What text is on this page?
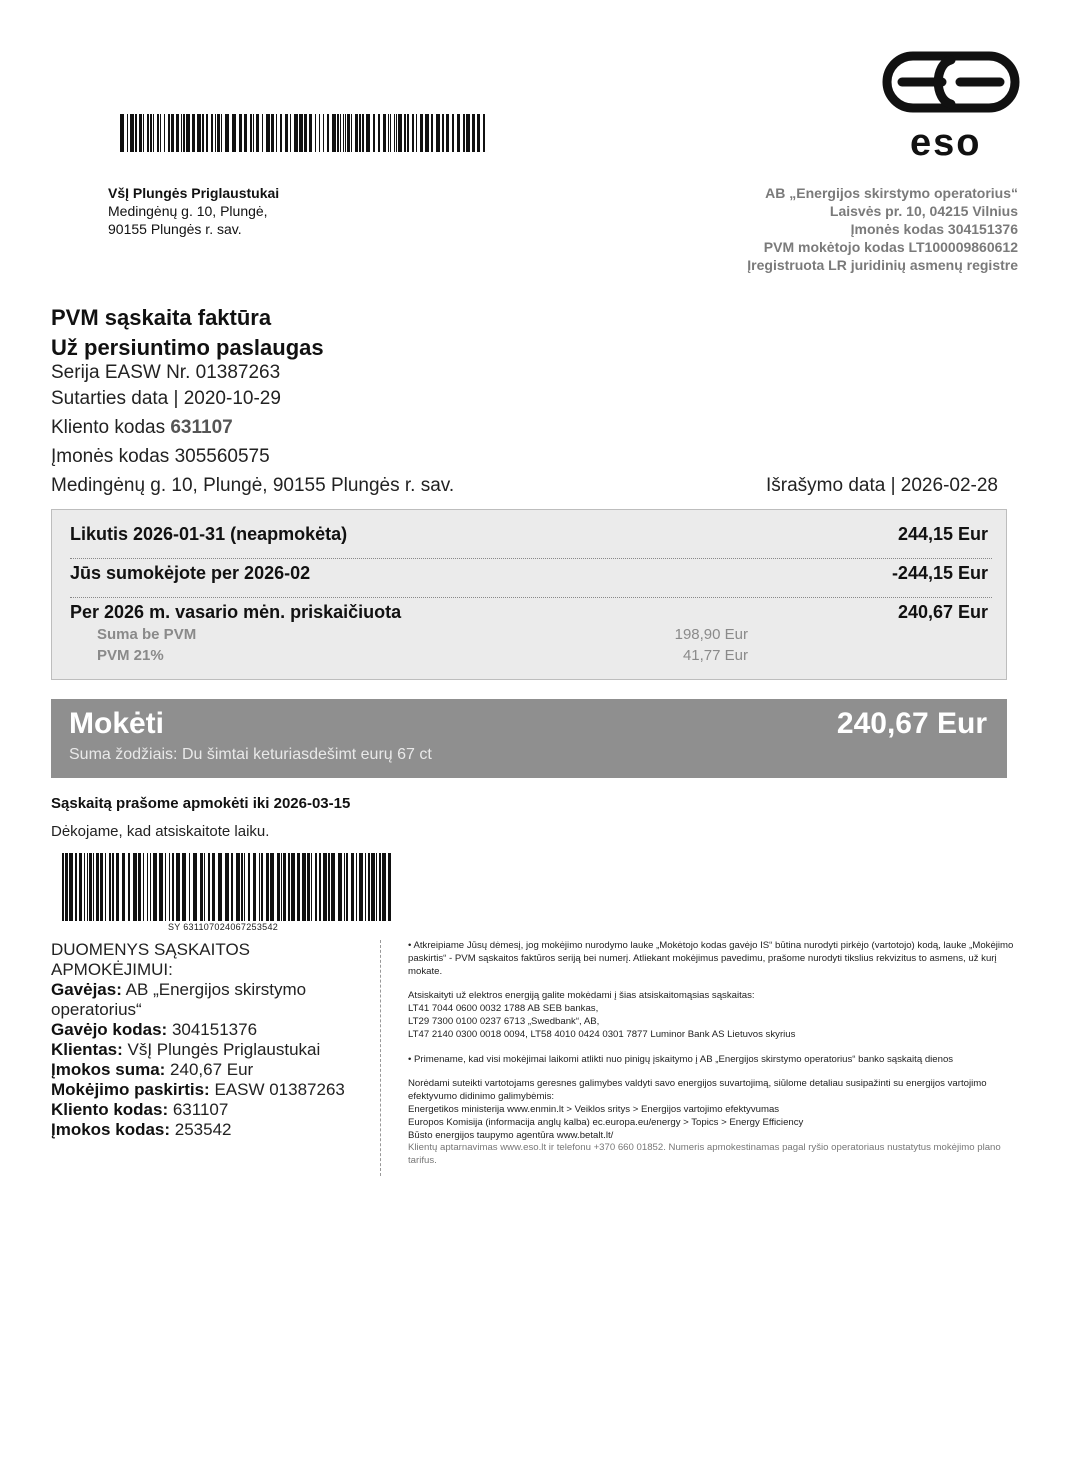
eso
VšĮ Plungės Priglaustukai
Medingėnų g. 10, Plungė,
90155 Plungės r. sav.
AB „Energijos skirstymo operatorius“
Laisvės pr. 10, 04215 Vilnius
Įmonės kodas 304151376
PVM mokėtojo kodas LT100009860612
Įregistruota LR juridinių asmenų registre
PVM sąskaita faktūra
Už persiuntimo paslaugas
Serija EASW Nr. 01387263
Sutarties data | 2020-10-29
Kliento kodas 631107
Įmonės kodas 305560575
Medingėnų g. 10, Plungė, 90155 Plungės r. sav.	Išrašymo data | 2026-02-28
Likutis 2026-01-31 (neapmokėta)	244,15 Eur
Jūs sumokėjote per 2026-02	-244,15 Eur
Per 2026 m. vasario mėn. priskaičiuota	240,67 Eur
Suma be PVM	198,90 Eur
PVM 21%	41,77 Eur
Mokėti	240,67 Eur
Suma žodžiais: Du šimtai keturiasdešimt eurų 67 ct
Sąskaitą prašome apmokėti iki 2026-03-15
Dėkojame, kad atsiskaitote laiku.
SY 631107024067253542
DUOMENYS SĄSKAITOS APMOKĖJIMUI:
Gavėjas: AB „Energijos skirstymo operatorius“
Gavėjo kodas: 304151376
Klientas: VšĮ Plungės Priglaustukai
Įmokos suma: 240,67 Eur
Mokėjimo paskirtis: EASW 01387263
Kliento kodas: 631107
Įmokos kodas: 253542

• Atkreipiame Jūsų dėmesį, jog mokėjimo nurodymo lauke „Mokėtojo kodas gavėjo IS“ būtina nurodyti pirkėjo (vartotojo) kodą, lauke „Mokėjimo paskirtis“ - PVM sąskaitos faktūros seriją bei numerį. Atliekant mokėjimus pavedimu, prašome nurodyti tikslius rekvizitus to asmens, už kurį mokate.

Atsiskaityti už elektros energiją galite mokėdami į šias atsiskaitomąsias sąskaitas:

LT41 7044 0600 0032 1788 AB SEB bankas,

LT29 7300 0100 0237 6713 „Swedbank“, AB,

LT47 2140 0300 0018 0094, LT58 4010 0424 0301 7877 Luminor Bank AS Lietuvos skyrius

• Primename, kad visi mokėjimai laikomi atlikti nuo pinigų įskaitymo į AB „Energijos skirstymo operatorius“ banko sąskaitą dienos

Norėdami suteikti vartotojams geresnes galimybes valdyti savo energijos suvartojimą, siūlome detaliau susipažinti su energijos vartojimo efektyvumo didinimo galimybėmis:

Energetikos ministerija www.enmin.lt > Veiklos sritys > Energijos vartojimo efektyvumas

Europos Komisija (informacija anglų kalba) ec.europa.eu/energy > Topics > Energy Efficiency

Būsto energijos taupymo agentūra www.betalt.lt/

Klientų aptarnavimas www.eso.lt ir telefonu +370 660 01852. Numeris apmokestinamas pagal ryšio operatoriaus nustatytus mokėjimo plano tarifus.
